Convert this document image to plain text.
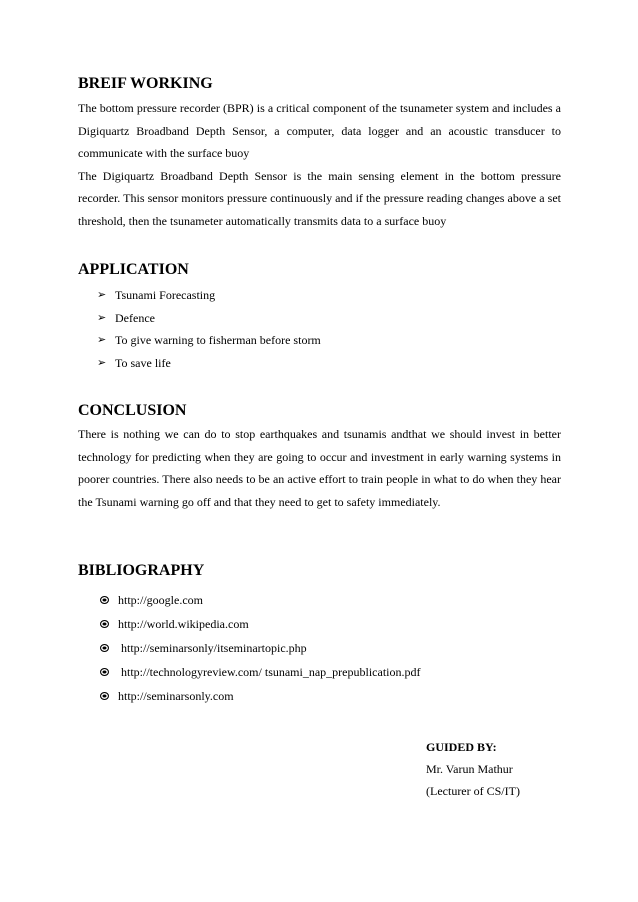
BREIF WORKING

The bottom pressure recorder (BPR) is a critical component of the tsunameter system and includes a Digiquartz Broadband Depth Sensor, a computer, data logger and an acoustic transducer to communicate with the surface buoy

The Digiquartz Broadband Depth Sensor is the main sensing element in the bottom pressure recorder. This sensor monitors pressure continuously and if the pressure reading changes above a set threshold, then the tsunameter automatically transmits data to a surface buoy

APPLICATION
➢ Tsunami Forecasting
➢ Defence
➢ To give warning to fisherman before storm
➢ To save life
CONCLUSION

There is nothing we can do to stop earthquakes and tsunamis andthat we should invest in better technology for predicting when they are going to occur and investment in early warning systems in poorer countries. There also needs to be an active effort to train people in what to do when they hear the Tsunami warning go off and that they need to get to safety immediately.

BIBLIOGRAPHY
http://google.com
http://world.wikipedia.com
http://seminarsonly/itseminartopic.php
http://technologyreview.com/ tsunami_nap_prepublication.pdf
http://seminarsonly.com
GUIDED BY:
Mr. Varun Mathur
(Lecturer of CS/IT)
